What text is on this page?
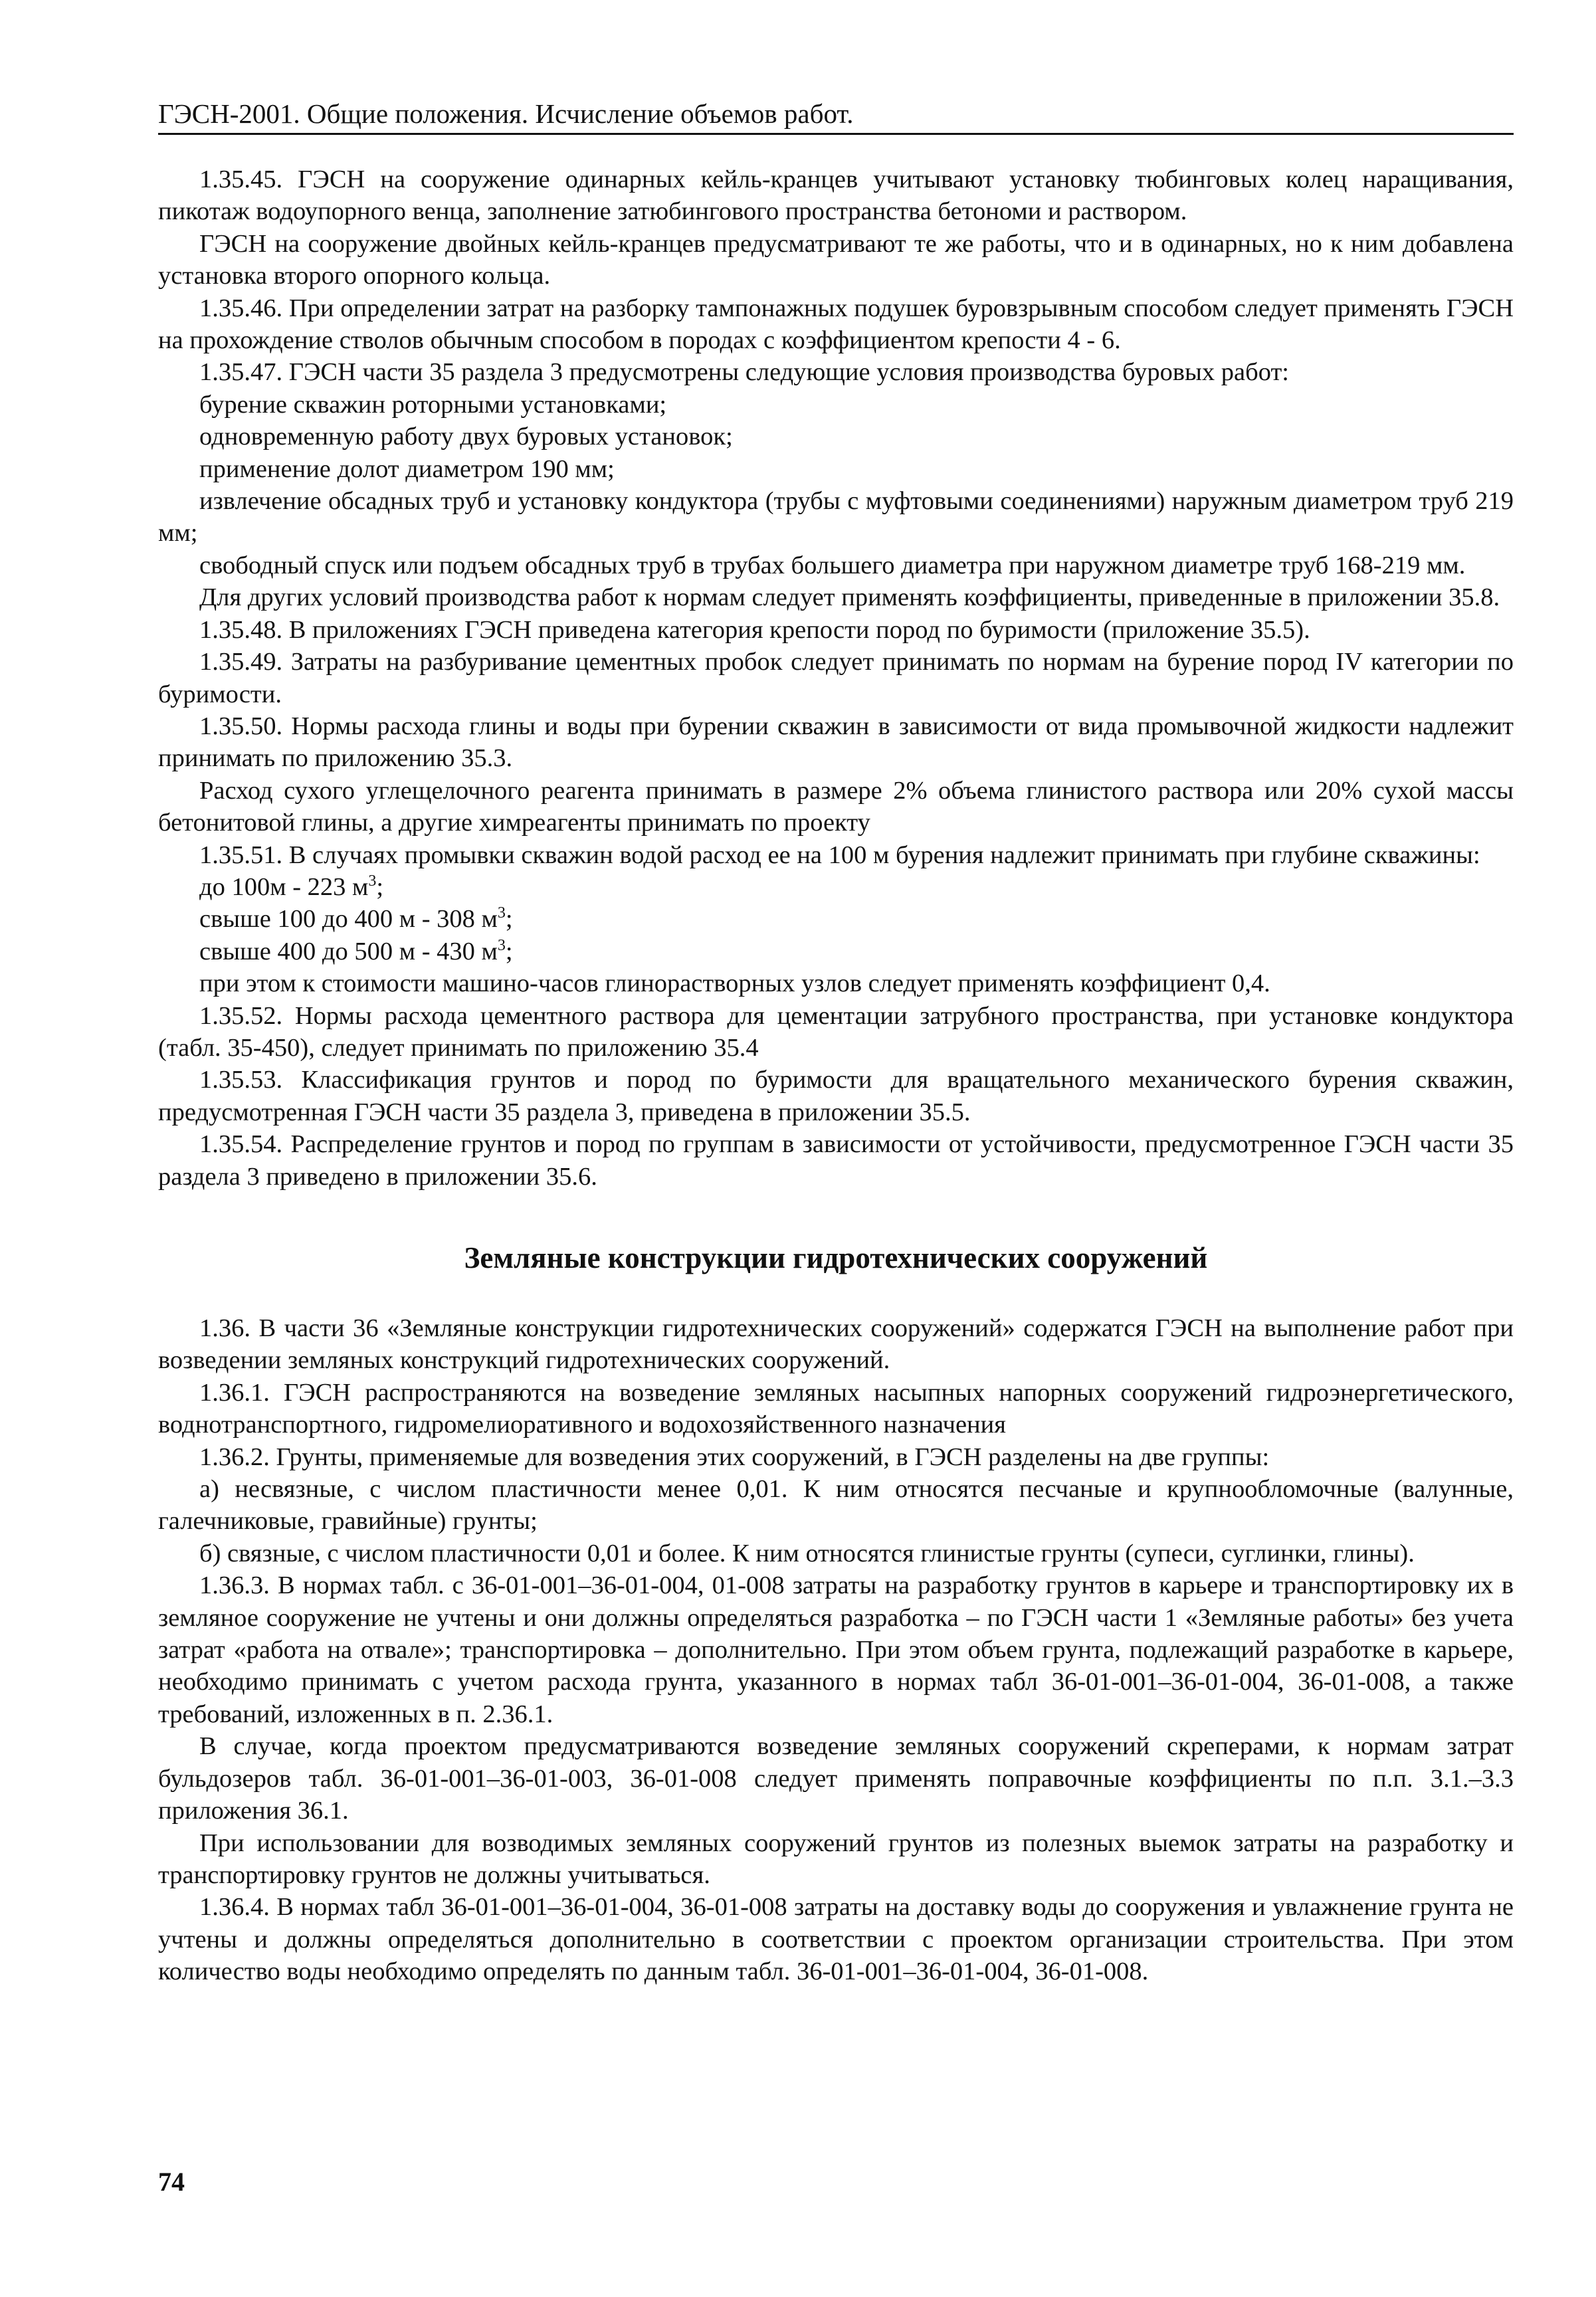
ГЭСН-2001. Общие положения. Исчисление объемов работ.

1.35.45. ГЭСН на сооружение одинарных кейль-кранцев учитывают установку тюбинговых колец наращивания, пикотаж водоупорного венца, заполнение затюбингового пространства бетономи и раствором.

ГЭСН на сооружение двойных кейль-кранцев предусматривают те же работы, что и в одинарных, но к ним добавлена установка второго опорного кольца.

1.35.46. При определении затрат на разборку тампонажных подушек буровзрывным способом следует применять ГЭСН на прохождение стволов обычным способом в породах с коэффициентом крепости 4 - 6.

1.35.47. ГЭСН части 35 раздела 3 предусмотрены следующие условия производства буровых работ:

бурение скважин роторными установками;

одновременную работу двух буровых установок;

применение долот диаметром 190 мм;

извлечение обсадных труб и установку кондуктора (трубы с муфтовыми соединениями) наружным диаметром труб 219 мм;

свободный спуск или подъем обсадных труб в трубах большего диаметра при наружном диаметре труб 168-219 мм.

Для других условий производства работ к нормам следует применять коэффициенты, приведенные в приложении 35.8.

1.35.48. В приложениях ГЭСН приведена категория крепости пород по буримости (приложение 35.5).

1.35.49. Затраты на разбуривание цементных пробок следует принимать по нормам на бурение пород IV категории по буримости.

1.35.50. Нормы расхода глины и воды при бурении скважин в зависимости от вида промывочной жидкости надлежит принимать по приложению 35.3.

Расход сухого углещелочного реагента принимать в размере 2% объема глинистого раствора или 20% сухой массы бетонитовой глины, а другие химреагенты принимать по проекту

1.35.51. В случаях промывки скважин водой расход ее на 100 м бурения надлежит принимать при глубине скважины:

до 100м - 223 $м^3$;

свыше 100 до 400 м - 308 $м^3$;

свыше 400 до 500 м - 430 $м^3$;

при этом к стоимости машино-часов глинорастворных узлов следует применять коэффициент 0,4.

1.35.52. Нормы расхода цементного раствора для цементации затрубного пространства, при установке кондуктора (табл. 35-450), следует принимать по приложению 35.4

1.35.53. Классификация грунтов и пород по буримости для вращательного механического бурения скважин, предусмотренная ГЭСН части 35 раздела 3, приведена в приложении 35.5.

1.35.54. Распределение грунтов и пород по группам в зависимости от устойчивости, предусмотренное ГЭСН части 35 раздела 3 приведено в приложении 35.6.

Земляные конструкции гидротехнических сооружений

1.36. В части 36 «Земляные конструкции гидротехнических сооружений» содержатся ГЭСН на выполнение работ при возведении земляных конструкций гидротехнических сооружений.

1.36.1. ГЭСН распространяются на возведение земляных насыпных напорных сооружений гидроэнергетического, воднотранспортного, гидромелиоративного и водохозяйственного назначения

1.36.2. Грунты, применяемые для возведения этих сооружений, в ГЭСН разделены на две группы:

а) несвязные, с числом пластичности менее 0,01. К ним относятся песчаные и крупнообломочные (валунные, галечниковые, гравийные) грунты;

б) связные, с числом пластичности 0,01 и более. К ним относятся глинистые грунты (супеси, суглинки, глины).

1.36.3. В нормах табл. с 36-01-001–36-01-004, 01-008 затраты на разработку грунтов в карьере и транспортировку их в земляное сооружение не учтены и они должны определяться разработка – по ГЭСН части 1 «Земляные работы» без учета затрат «работа на отвале»; транспортировка – дополнительно. При этом объем грунта, подлежащий разработке в карьере, необходимо принимать с учетом расхода грунта, указанного в нормах табл 36-01-001–36-01-004, 36-01-008, а также требований, изложенных в п. 2.36.1.

В случае, когда проектом предусматриваются возведение земляных сооружений скреперами, к нормам затрат бульдозеров табл. 36-01-001–36-01-003, 36-01-008 следует применять поправочные коэффициенты по п.п. 3.1.–3.3 приложения 36.1.

При использовании для возводимых земляных сооружений грунтов из полезных выемок затраты на разработку и транспортировку грунтов не должны учитываться.

1.36.4. В нормах табл 36-01-001–36-01-004, 36-01-008 затраты на доставку воды до сооружения и увлажнение грунта не учтены и должны определяться дополнительно в соответствии с проектом организации строительства. При этом количество воды необходимо определять по данным табл. 36-01-001–36-01-004, 36-01-008.

74
